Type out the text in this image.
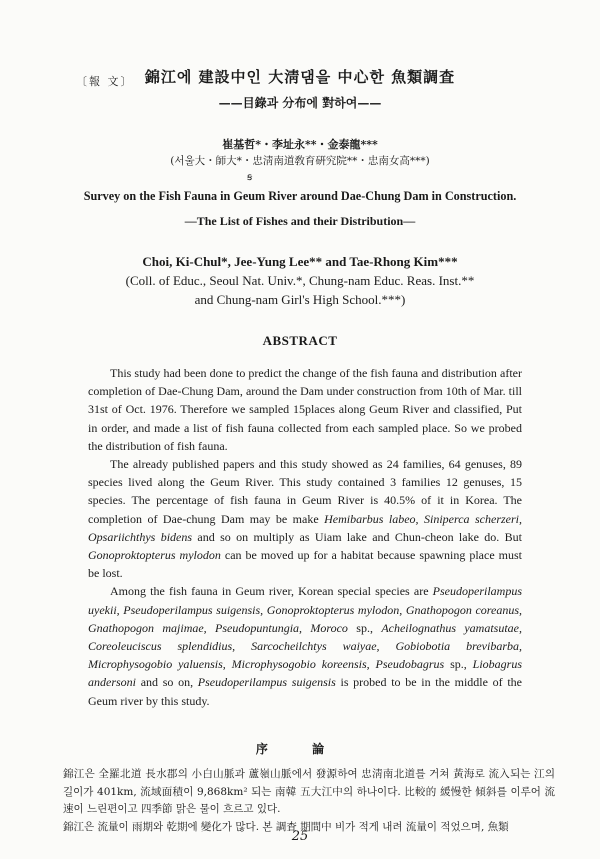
〔報 文〕 錦江에 建設中인 大淸댐을 中心한 魚類調査
——目錄과 分布에 對하여——
崔基哲*・李址永**・金泰龍***
(서울大・師大*・忠淸南道敎育硏究院**・忠南女高***)
ꞩ
Survey on the Fish Fauna in Geum River around Dae-Chung Dam in Construction.
—The List of Fishes and their Distribution—
Choi, Ki-Chul*, Jee-Yung Lee** and Tae-Rhong Kim***
(Coll. of Educ., Seoul Nat. Univ.*, Chung-nam Educ. Reas. Inst.**
and Chung-nam Girl's High School.***)
ABSTRACT

This study had been done to predict the change of the fish fauna and distribution after completion of Dae-Chung Dam, around the Dam under construction from 10th of Mar. till 31st of Oct. 1976. Therefore we sampled 15places along Geum River and classified, Put in order, and made a list of fish fauna collected from each sampled place. So we probed the distribution of fish fauna.

The already published papers and this study showed as 24 families, 64 genuses, 89 species lived along the Geum River. This study contained 3 families 12 genuses, 15 species. The percentage of fish fauna in Geum River is 40.5% of it in Korea. The completion of Dae-chung Dam may be make Hemibarbus labeo, Siniperca scherzeri, Opsariichthys bidens and so on multiply as Uiam lake and Chun-cheon lake do. But Gonoproktopterus mylodon can be moved up for a habitat because spawning place must be lost.

Among the fish fauna in Geum river, Korean special species are Pseudoperilampus uyekii, Pseudoperilampus suigensis, Gonoproktopterus mylodon, Gnathopogon coreanus, Gnathopogon majimae, Pseudopuntungia, Moroco sp., Acheilognathus yamatsutae, Coreoleuciscus splendidius, Sarcocheilchtys waiyae, Gobiobotia brevibarba, Microphysogobio yaluensis, Microphysogobio koreensis, Pseudobagrus sp., Liobagrus andersoni and so on, Pseudoperilampus suigensis is probed to be in the middle of the Geum river by this study.

序 論

錦江은 全羅北道 長水郡의 小白山脈과 蘆嶺山脈에서 發源하여 忠淸南北道를 거쳐 黃海로 流入되는 江의 길이가 401km, 流域面積이 9,868km² 되는 南韓 五大江中의 하나이다. 比較的 緩慢한 傾斜를 이루어 流速이 느린편이고 四季節 맑은 물이 흐르고 있다.

錦江은 流量이 雨期와 乾期에 變化가 많다. 본 調査 期間中 비가 적게 내려 流量이 적었으며, 魚類

25
